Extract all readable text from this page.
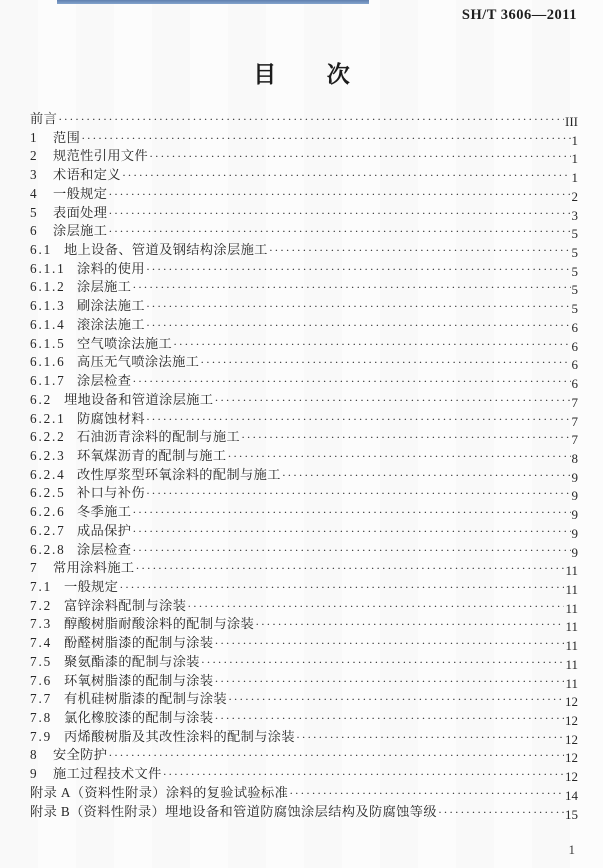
SH/T 3606—2011
目次
前言 ·····	III
1	范围 ·····	1
2	规范性引用文件 ·····	1
3	术语和定义 ·····	1
4	一般规定 ·····	2
5	表面处理 ·····	3
6	涂层施工 ·····	5
6.1 地上设备、管道及钢结构涂层施工 ·····	5
6.1.1 涂料的使用 ·····	5
6.1.2 涂层施工 ·····	5
6.1.3 刷涂法施工 ·····	5
6.1.4 滚涂法施工 ·····	6
6.1.5 空气喷涂法施工 ·····	6
6.1.6 高压无气喷涂法施工 ·····	6
6.1.7 涂层检查 ·····	6
6.2 埋地设备和管道涂层施工 ·····	7
6.2.1 防腐蚀材料 ·····	7
6.2.2 石油沥青涂料的配制与施工 ·····	7
6.2.3 环氧煤沥青的配制与施工 ·····	8
6.2.4 改性厚浆型环氧涂料的配制与施工 ·····	9
6.2.5 补口与补伤 ·····	9
6.2.6 冬季施工 ·····	9
6.2.7 成品保护 ·····	9
6.2.8 涂层检查 ·····	9
7	常用涂料施工 ·····	11
7.1 一般规定 ·····	11
7.2 富锌涂料配制与涂装 ·····	11
7.3 醇酸树脂耐酸涂料的配制与涂装 ·····	11
7.4 酚醛树脂漆的配制与涂装 ·····	11
7.5 聚氨酯漆的配制与涂装 ·····	11
7.6 环氧树脂漆的配制与涂装 ·····	11
7.7 有机硅树脂漆的配制与涂装 ·····	12
7.8 氯化橡胶漆的配制与涂装 ·····	12
7.9 丙烯酸树脂及其改性涂料的配制与涂装 ·····	12
8	安全防护 ·····	12
9	施工过程技术文件 ·····	12
附录 A（资料性附录）涂料的复验试验标准 ·····	14
附录 B（资料性附录）埋地设备和管道防腐蚀涂层结构及防腐蚀等级 ·····	15
1
